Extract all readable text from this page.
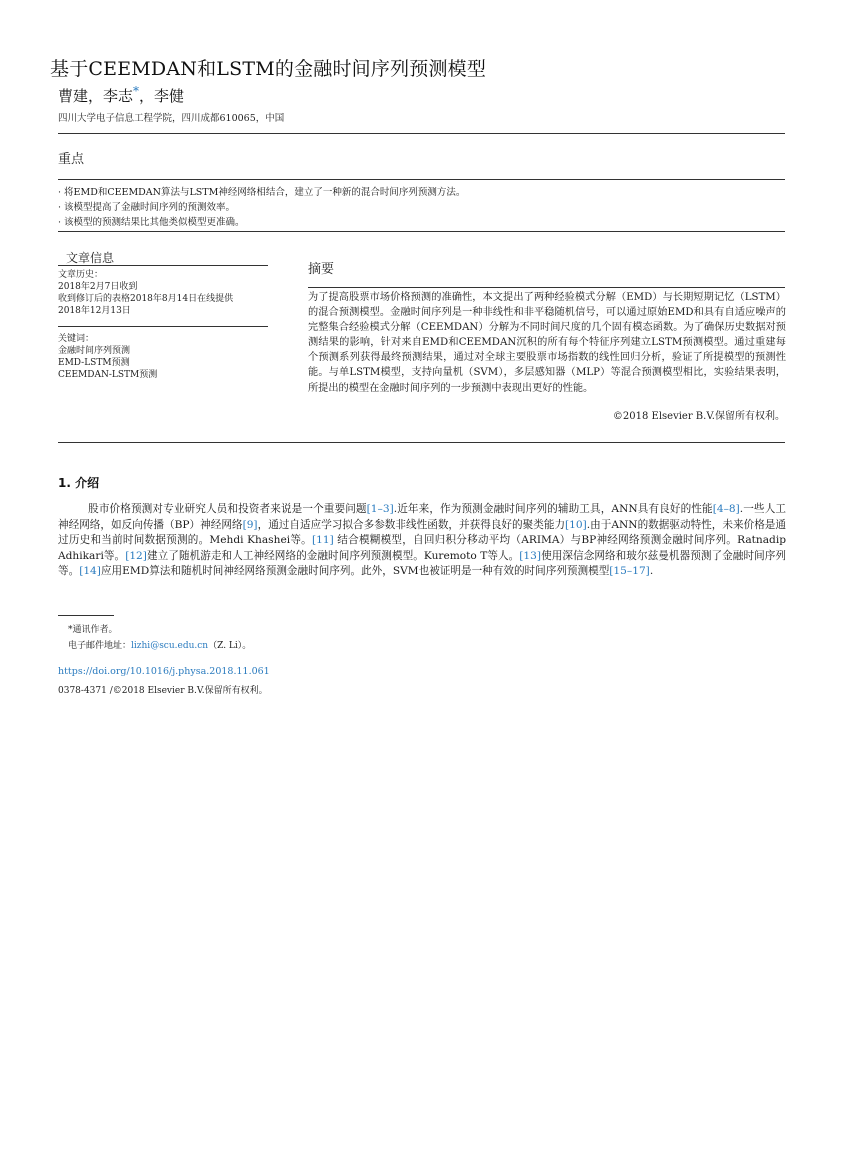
基于CEEMDAN和LSTM的金融时间序列预测模型
曹建，李志*，李健
四川大学电子信息工程学院，四川成都610065，中国
重点
· 将EMD和CEEMDAN算法与LSTM神经网络相结合，建立了一种新的混合时间序列预测方法。
· 该模型提高了金融时间序列的预测效率。
· 该模型的预测结果比其他类似模型更准确。
文章信息
文章历史：
2018年2月7日收到
收到修订后的表格2018年8月14日在线提供
2018年12月13日
关键词：
金融时间序列预测
EMD-LSTM预测
CEEMDAN-LSTM预测
摘要
为了提高股票市场价格预测的准确性，本文提出了两种经验模式分解（EMD）与长期短期记忆（LSTM）的混合预测模型。金融时间序列是一种非线性和非平稳随机信号，可以通过原始EMD和具有自适应噪声的完整集合经验模式分解（CEEMDAN）分解为不同时间尺度的几个固有模态函数。为了确保历史数据对预测结果的影响，针对来自EMD和CEEMDAN沉积的所有每个特征序列建立LSTM预测模型。通过重建每个预测系列获得最终预测结果，通过对全球主要股票市场指数的线性回归分析，验证了所提模型的预测性能。与单LSTM模型，支持向量机（SVM），多层感知器（MLP）等混合预测模型相比，实验结果表明，所提出的模型在金融时间序列的一步预测中表现出更好的性能。
©2018 Elsevier B.V.保留所有权利。
1. 介绍
股市价格预测对专业研究人员和投资者来说是一个重要问题[1–3].近年来，作为预测金融时间序列的辅助工具，ANN具有良好的性能[4–8].一些人工神经网络，如反向传播（BP）神经网络[9]，通过自适应学习拟合多参数非线性函数，并获得良好的聚类能力[10].由于ANN的数据驱动特性，未来价格是通过历史和当前时间数据预测的。Mehdi Khashei等。[11] 结合模糊模型，自回归积分移动平均（ARIMA）与BP神经网络预测金融时间序列。Ratnadip Adhikari等。[12]建立了随机游走和人工神经网络的金融时间序列预测模型。Kuremoto T等人。[13]使用深信念网络和玻尔兹曼机器预测了金融时间序列等。[14]应用EMD算法和随机时间神经网络预测金融时间序列。此外，SVM也被证明是一种有效的时间序列预测模型[15–17].
*通讯作者。
电子邮件地址：lizhi@scu.edu.cn（Z. Li）。
https://doi.org/10.1016/j.physa.2018.11.061
0378-4371 /©2018 Elsevier B.V.保留所有权利。
